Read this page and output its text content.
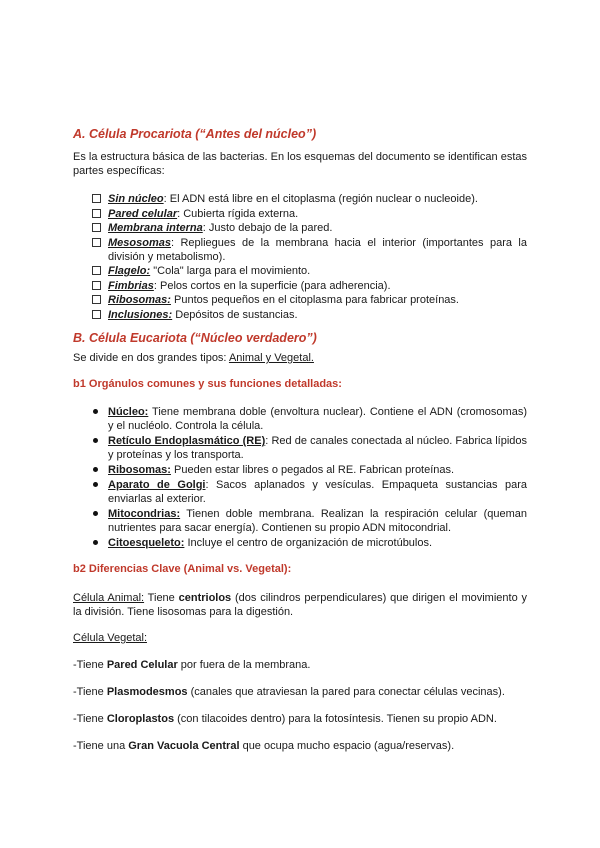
A. Célula Procariota (“Antes del núcleo”)
Es la estructura básica de las bacterias. En los esquemas del documento se identifican estas partes específicas:
Sin núcleo: El ADN está libre en el citoplasma (región nuclear o nucleoide).
Pared celular: Cubierta rígida externa.
Membrana interna: Justo debajo de la pared.
Mesosomas: Repliegues de la membrana hacia el interior (importantes para la división y metabolismo).
Flagelo: "Cola" larga para el movimiento.
Fimbrias: Pelos cortos en la superficie (para adherencia).
Ribosomas: Puntos pequeños en el citoplasma para fabricar proteínas.
Inclusiones: Depósitos de sustancias.
B. Célula Eucariota (“Núcleo verdadero”)
Se divide en dos grandes tipos: Animal y Vegetal.
b1 Orgánulos comunes y sus funciones detalladas:
Núcleo: Tiene membrana doble (envoltura nuclear). Contiene el ADN (cromosomas) y el nucléolo. Controla la célula.
Retículo Endoplasmático (RE): Red de canales conectada al núcleo. Fabrica lípidos y proteínas y los transporta.
Ribosomas: Pueden estar libres o pegados al RE. Fabrican proteínas.
Aparato de Golgi: Sacos aplanados y vesículas. Empaqueta sustancias para enviarlas al exterior.
Mitocondrias: Tienen doble membrana. Realizan la respiración celular (queman nutrientes para sacar energía). Contienen su propio ADN mitocondrial.
Citoesqueleto: Incluye el centro de organización de microtúbulos.
b2 Diferencias Clave (Animal vs. Vegetal):
Célula Animal: Tiene centriolos (dos cilindros perpendiculares) que dirigen el movimiento y la división. Tiene lisosomas para la digestión.
Célula Vegetal:
-Tiene Pared Celular por fuera de la membrana.
-Tiene Plasmodesmos (canales que atraviesan la pared para conectar células vecinas).
-Tiene Cloroplastos (con tilacoides dentro) para la fotosíntesis. Tienen su propio ADN.
-Tiene una Gran Vacuola Central que ocupa mucho espacio (agua/reservas).
